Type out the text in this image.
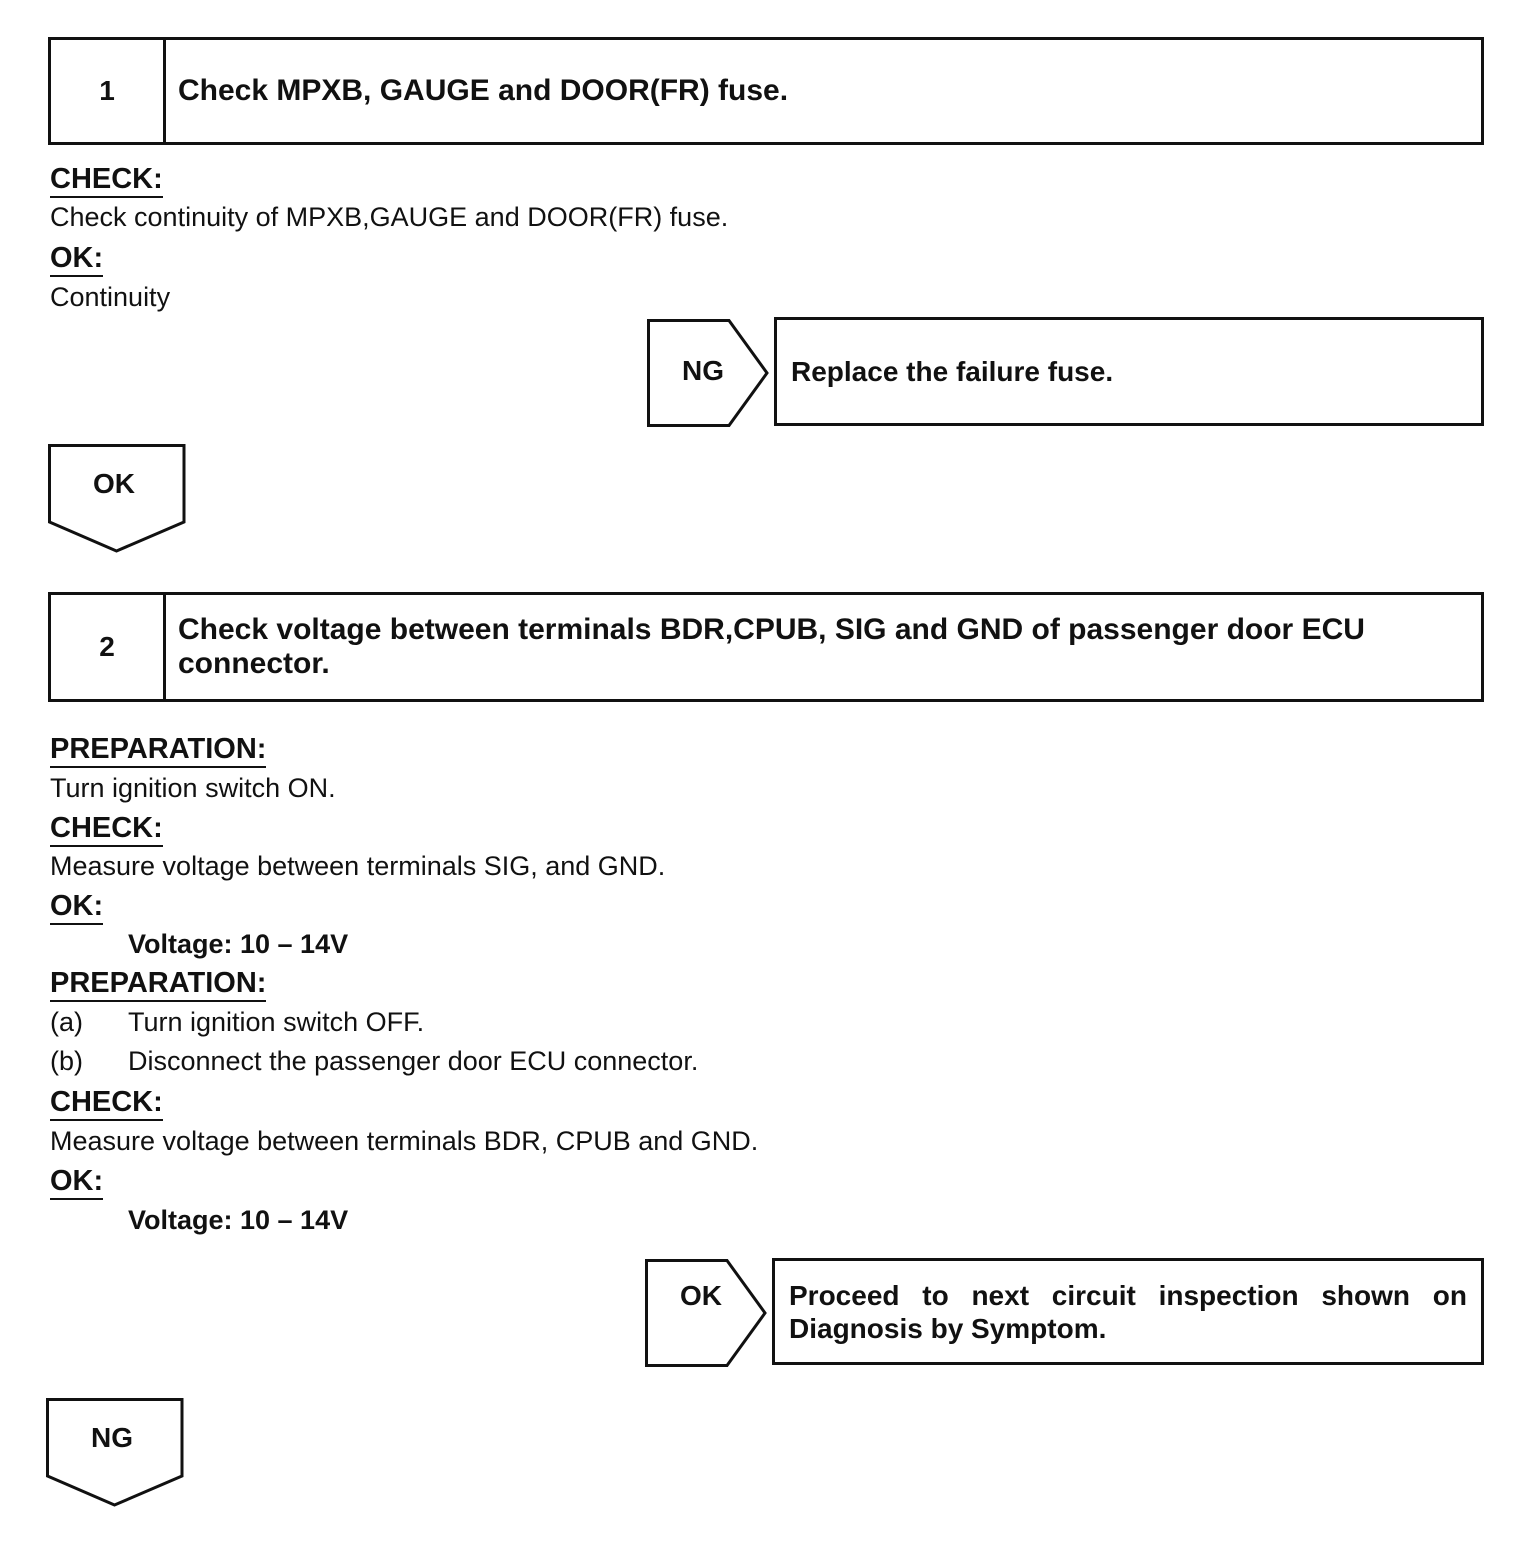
1	Check MPXB, GAUGE and DOOR(FR) fuse.
CHECK:
Check continuity of MPXB,GAUGE and DOOR(FR) fuse.
OK:
Continuity
NG	Replace the failure fuse.
OK
2
Check voltage between terminals BDR,CPUB, SIG and GND of passenger door ECU connector.
PREPARATION:
Turn ignition switch ON.
CHECK:
Measure voltage between terminals SIG, and GND.
OK:
Voltage: 10 – 14V
PREPARATION:
(a) Turn ignition switch OFF.
(b) Disconnect the passenger door ECU connector.
CHECK:
Measure voltage between terminals BDR, CPUB and GND.
OK:
Voltage: 10 – 14V
OK	Proceed to next circuit inspection shown on Diagnosis by Symptom.
NG
